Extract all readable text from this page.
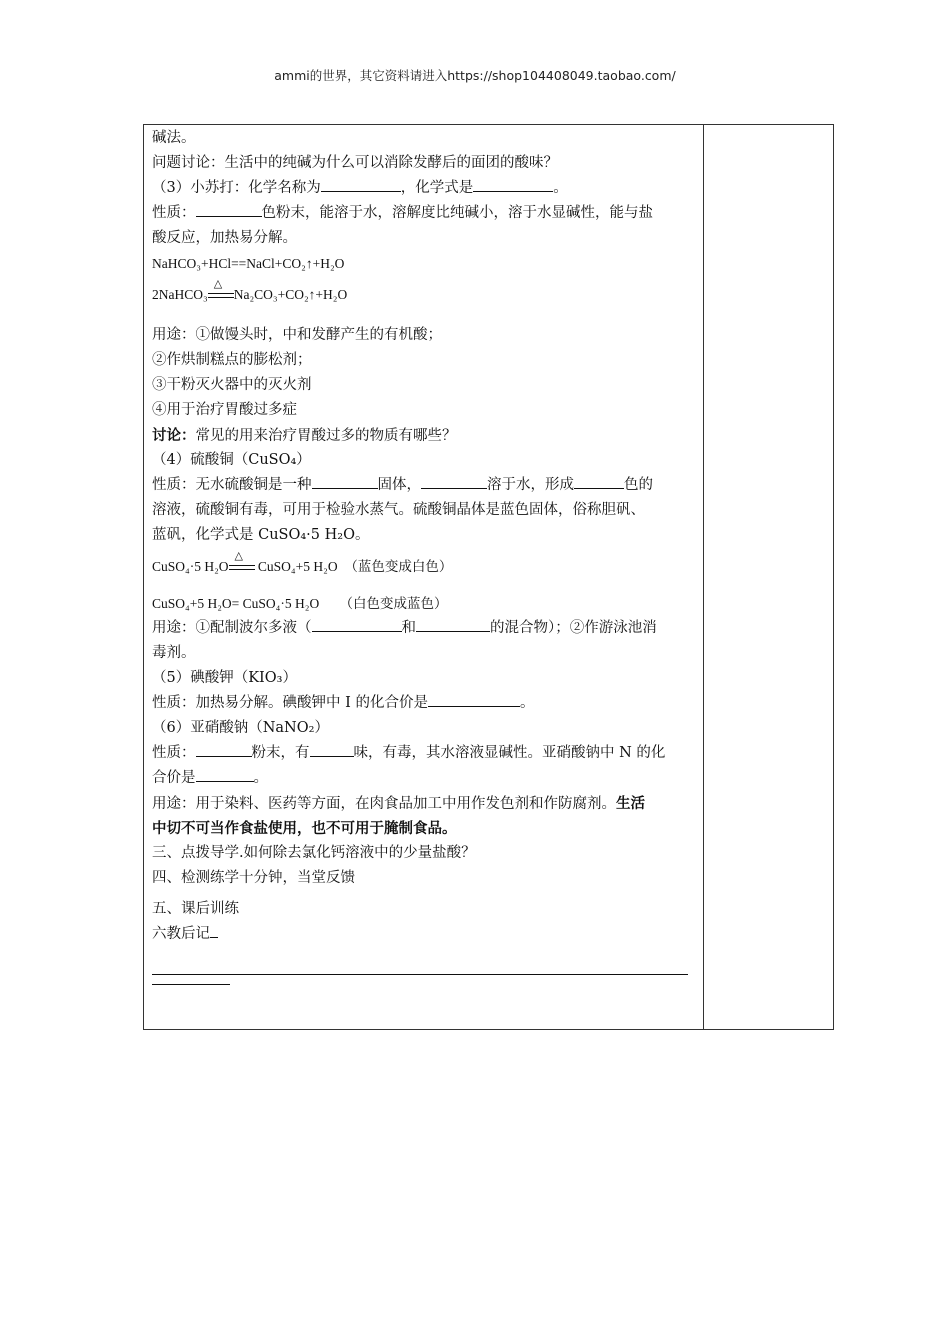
ammi的世界，其它资料请进入https://shop104408049.taobao.com/
碱法。
问题讨论：生活中的纯碱为什么可以消除发酵后的面团的酸味？
（3）小苏打：化学名称为	，化学式是	。
性质：	色粉末，能溶于水，溶解度比纯碱小，溶于水显碱性，能与盐
酸反应，加热易分解。
NaHCO₃+HCl==NaCl+CO₂↑+H₂O
2NaHCO₃
△
Na₂CO₃+CO₂↑+H₂O
用途：①做馒头时，中和发酵产生的有机酸；
②作烘制糕点的膨松剂；
③干粉灭火器中的灭火剂
④用于治疗胃酸过多症
讨论：常见的用来治疗胃酸过多的物质有哪些？
（4）硫酸铜（CuSO₄）
性质：无水硫酸铜是一种	固体，	溶于水，形成	色的
溶液，硫酸铜有毒，可用于检验水蒸气。硫酸铜晶体是蓝色固体，俗称胆矾、
蓝矾，化学式是 CuSO₄·5 H₂O。
CuSO₄·5 H₂O
△
CuSO₄+5 H₂O　（蓝色变成白色）
CuSO₄+5 H₂O= CuSO₄·5 H₂O　　（白色变成蓝色）
用途：①配制波尔多液（	和	的混合物）；②作游泳池消
毒剂。
（5）碘酸钾（KIO₃）
性质：加热易分解。碘酸钾中 I 的化合价是	。
（6）亚硝酸钠（NaNO₂）
性质：	粉末，有	味，有毒，其水溶液显碱性。亚硝酸钠中 N 的化
合价是	。
用途：用于染料、医药等方面，在肉食品加工中用作发色剂和作防腐剂。生活
中切不可当作食盐使用，也不可用于腌制食品。
三、点拨导学.如何除去氯化钙溶液中的少量盐酸？
四、检测练学十分钟，当堂反馈
五、课后训练
六教后记
